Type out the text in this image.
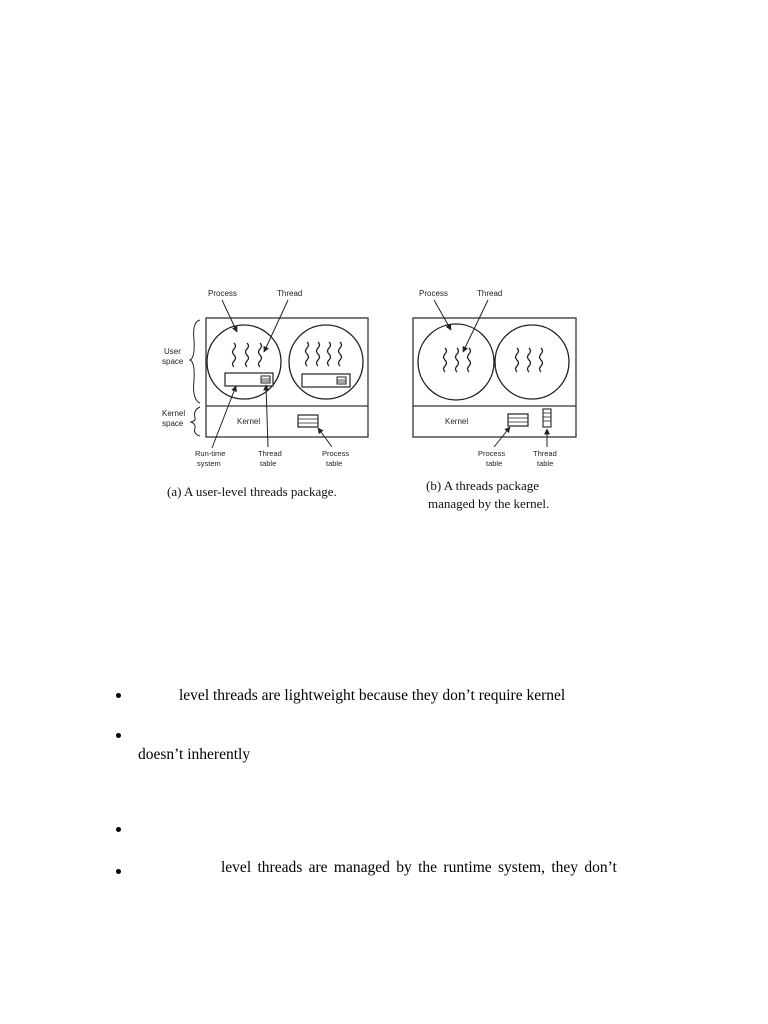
Kernel
Process	Thread
User
space
Kernel
space
Run-time
system
Thread
table
Process
table
(a) A user-level threads package.
Kernel
Process	Thread
Process
table
Thread
table
(b) A threads package
managed by the kernel.
level threads are lightweight because they don’t require kernel
doesn’t inherently
level threads are managed by the runtime system, they don’t
